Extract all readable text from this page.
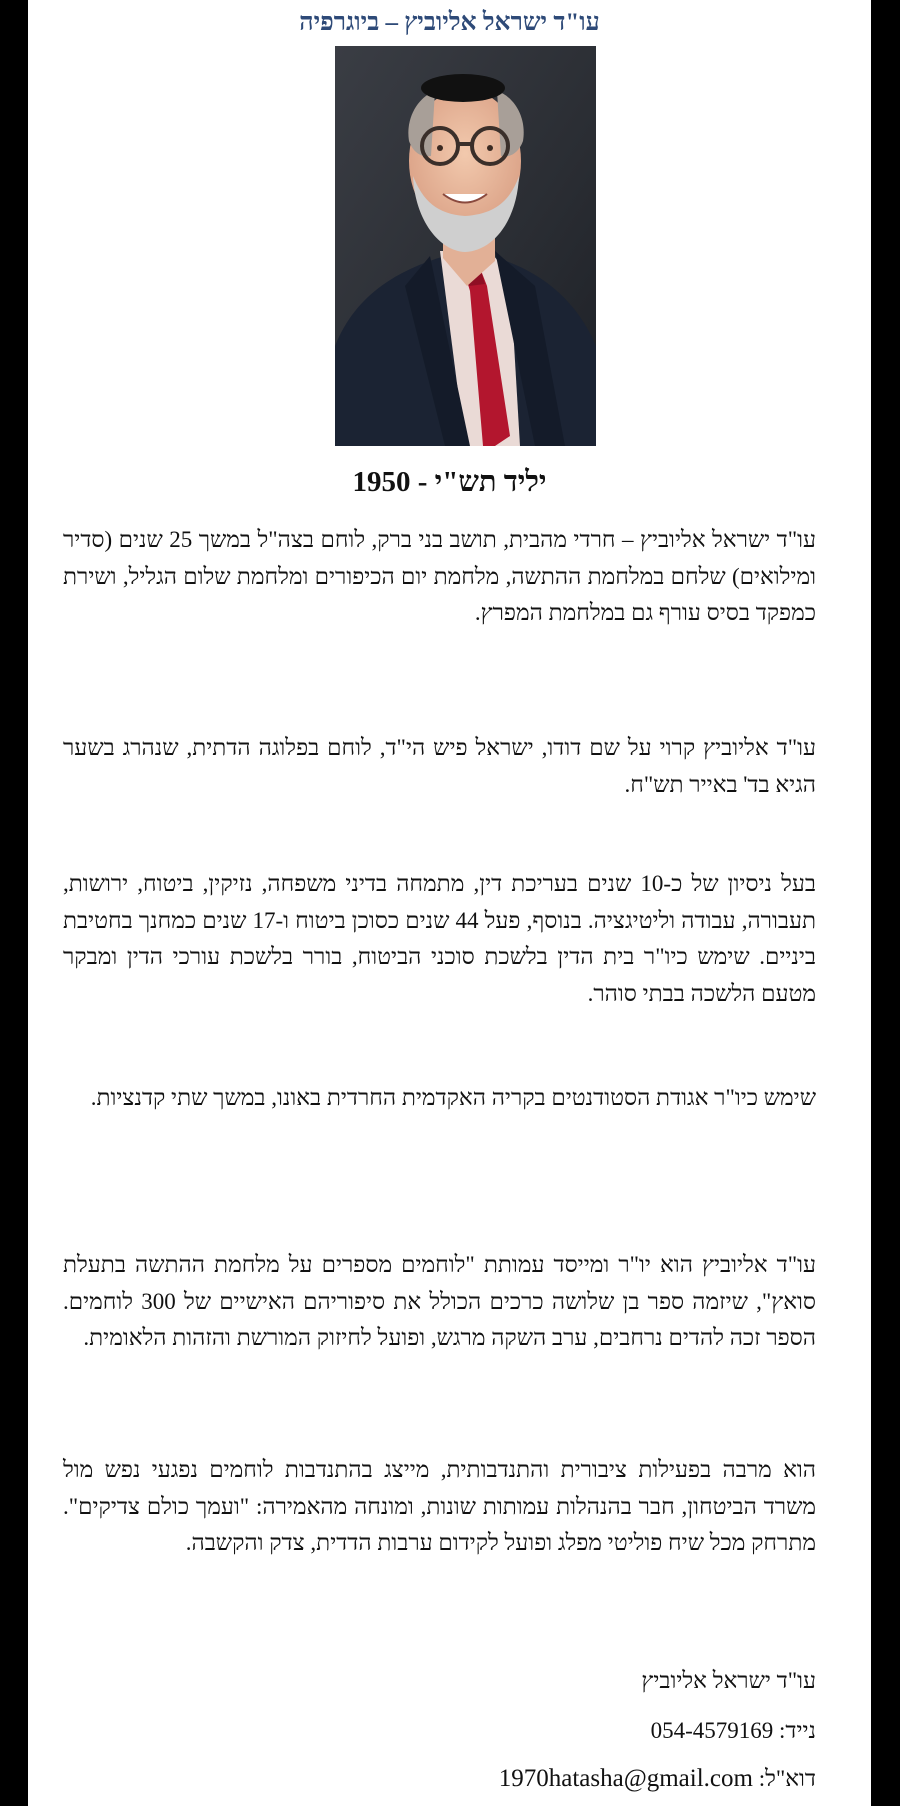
עו"ד ישראל אליוביץ – ביוגרפיה
יליד תש"י - 1950

עו"ד ישראל אליוביץ – חרדי מהבית, תושב בני ברק, לוחם בצה"ל במשך 25 שנים (סדיר ומילואים) שלחם במלחמת ההתשה, מלחמת יום הכיפורים ומלחמת שלום הגליל, ושירת כמפקד בסיס עורף גם במלחמת המפרץ.

עו"ד אליוביץ קרוי על שם דודו, ישראל פיש הי"ד, לוחם בפלוגה הדתית, שנהרג בשער הגיא בד' באייר תש"ח.

בעל ניסיון של כ-10 שנים בעריכת דין, מתמחה בדיני משפחה, נזיקין, ביטוח, ירושות, תעבורה, עבודה וליטיגציה. בנוסף, פעל 44 שנים כסוכן ביטוח ו-17 שנים כמחנך בחטיבת ביניים. שימש כיו"ר בית הדין בלשכת סוכני הביטוח, בורר בלשכת עורכי הדין ומבקר מטעם הלשכה בבתי סוהר.

שימש כיו"ר אגודת הסטודנטים בקריה האקדמית החרדית באונו, במשך שתי קדנציות.

עו"ד אליוביץ הוא יו"ר ומייסד עמותת "לוחמים מספרים על מלחמת ההתשה בתעלת סואץ", שיזמה ספר בן שלושה כרכים הכולל את סיפוריהם האישיים של 300 לוחמים. הספר זכה להדים נרחבים, ערב השקה מרגש, ופועל לחיזוק המורשת והזהות הלאומית.

הוא מרבה בפעילות ציבורית והתנדבותית, מייצג בהתנדבות לוחמים נפגעי נפש מול משרד הביטחון, חבר בהנהלות עמותות שונות, ומונחה מהאמירה: "ועמך כולם צדיקים". מתרחק מכל שיח פוליטי מפלג ופועל לקידום ערבות הדדית, צדק והקשבה.

עו"ד ישראל אליוביץ
נייד: 054-4579169
דוא"ל: 1970hatasha@gmail.com
